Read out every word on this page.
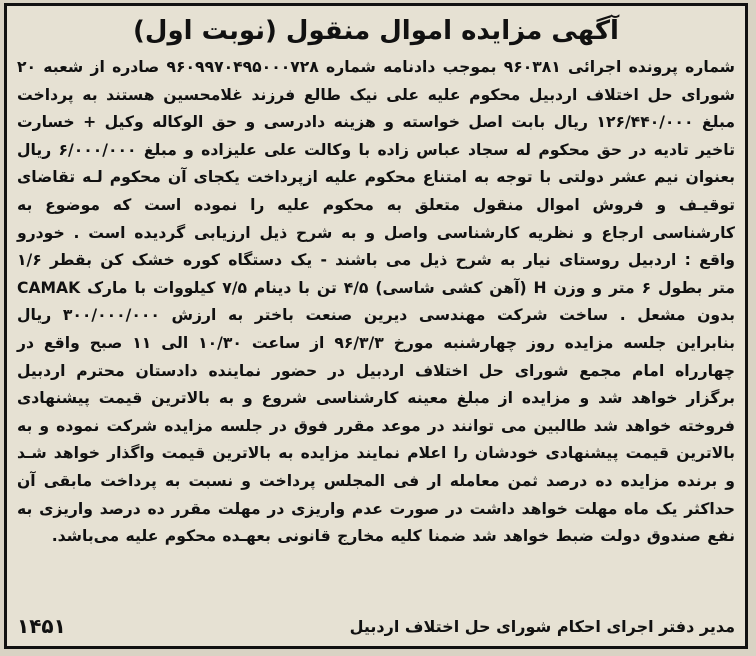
آگهی مزایده اموال منقول (نوبت اول)

شماره پرونده اجرائی ۹۶۰۳۸۱ بموجب دادنامه شماره ۹۶۰۹۹۷۰۴۹۵۰۰۰۷۲۸ صادره از شعبه ۲۰ شورای حل اختلاف اردبیل محکوم علیه علی نیک طالع فرزند غلامحسین هستند به پرداخت مبلغ ۱۲۶/۴۴۰/۰۰۰ ریال بابت اصل خواسته و هزینه دادرسی و حق الوکاله وکیل + خسارت تاخیر تادیه در حق محکوم له سجاد عباس زاده با وکالت علی علیزاده و مبلغ ۶/۰۰۰/۰۰۰ ریال بعنوان نیم عشر دولتی با توجه به امتناع محکوم علیه ازپرداخت یکجای آن محکوم لـه تقاضای توقیـف و فروش اموال منقول متعلق به محکوم علیه را نموده است که موضوع به کارشناسی ارجاع و نظریه کارشناسی واصل و به شرح ذیل ارزیابی گردیده است . خودرو واقع : اردبیل روستای نیار به شرح ذیل می باشند - یک دستگاه کوره خشک کن بقطر ۱/۶ متر بطول ۶ متر و وزن H (آهن کشی شاسی) ۴/۵ تن با دینام ۷/۵ کیلووات با مارک CAMAK بدون مشعل . ساخت شرکت مهندسی دیرین صنعت باختر به ارزش ۳۰۰/۰۰۰/۰۰۰ ریال بنابراین جلسه مزایده روز چهارشنبه مورخ ۹۶/۳/۳ از ساعت ۱۰/۳۰ الی ۱۱ صبح واقع در چهارراه امام مجمع شورای حل اختلاف اردبیل در حضور نماینده دادستان محترم اردبیل برگزار خواهد شد و مزایده از مبلغ معینه کارشناسی شروع و به بالاترین قیمت پیشنهادی فروخته خواهد شد طالبین می توانند در موعد مقرر فوق در جلسه مزایده شرکت نموده و به بالاترین قیمت پیشنهادی خودشان را اعلام نمایند مزایده به بالاترین قیمت واگذار خواهد شـد و برنده مزایده ده درصد ثمن معامله ار فی المجلس پرداخت و نسبت به پرداخت مابقی آن حداکثر یک ماه مهلت خواهد داشت در صورت عدم واریزی در مهلت مقرر ده درصد واریزی به نفع صندوق دولت ضبط خواهد شد ضمنا کلیه مخارج قانونی بعهـده محکوم علیه می‌باشد.

مدیر دفتر اجرای احکام شورای حل اختلاف اردبیل
۱۴۵۱
